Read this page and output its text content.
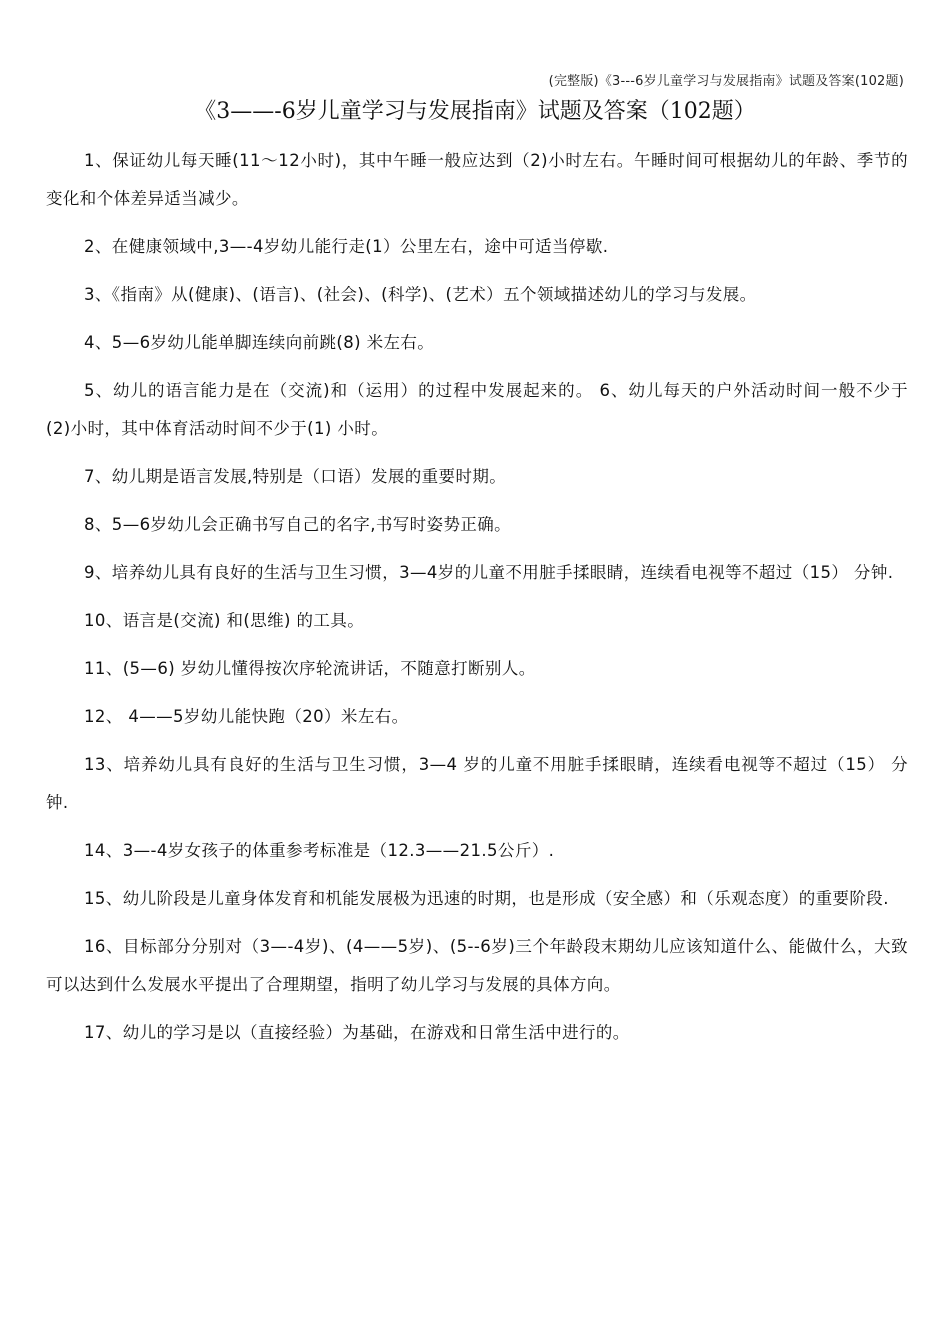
(完整版)《3---6岁儿童学习与发展指南》试题及答案(102题)
《3——-6岁儿童学习与发展指南》试题及答案（102题）

1、保证幼儿每天睡(11～12小时)，其中午睡一般应达到（2)小时左右。午睡时间可根据幼儿的年龄、季节的变化和个体差异适当减少。

2、在健康领域中,3—-4岁幼儿能行走(1）公里左右，途中可适当停歇.

3、《指南》从(健康)、(语言)、(社会)、(科学)、(艺术）五个领域描述幼儿的学习与发展。

4、5—6岁幼儿能单脚连续向前跳(8) 米左右。

5、幼儿的语言能力是在（交流)和（运用）的过程中发展起来的。 6、幼儿每天的户外活动时间一般不少于 (2)小时，其中体育活动时间不少于(1) 小时。

7、幼儿期是语言发展,特别是（口语）发展的重要时期。

8、5—6岁幼儿会正确书写自己的名字,书写时姿势正确。

9、培养幼儿具有良好的生活与卫生习惯，3—4岁的儿童不用脏手揉眼睛，连续看电视等不超过（15） 分钟.

10、语言是(交流) 和(思维) 的工具。

11、(5—6) 岁幼儿懂得按次序轮流讲话，不随意打断别人。

12、 4——5岁幼儿能快跑（20）米左右。

13、培养幼儿具有良好的生活与卫生习惯，3—4 岁的儿童不用脏手揉眼睛，连续看电视等不超过（15） 分钟.

14、3—-4岁女孩子的体重参考标准是（12.3——21.5公斤）.

15、幼儿阶段是儿童身体发育和机能发展极为迅速的时期，也是形成（安全感）和（乐观态度）的重要阶段.

16、目标部分分别对（3—-4岁)、(4——5岁)、(5--6岁)三个年龄段末期幼儿应该知道什么、能做什么，大致可以达到什么发展水平提出了合理期望，指明了幼儿学习与发展的具体方向。

17、幼儿的学习是以（直接经验）为基础，在游戏和日常生活中进行的。
